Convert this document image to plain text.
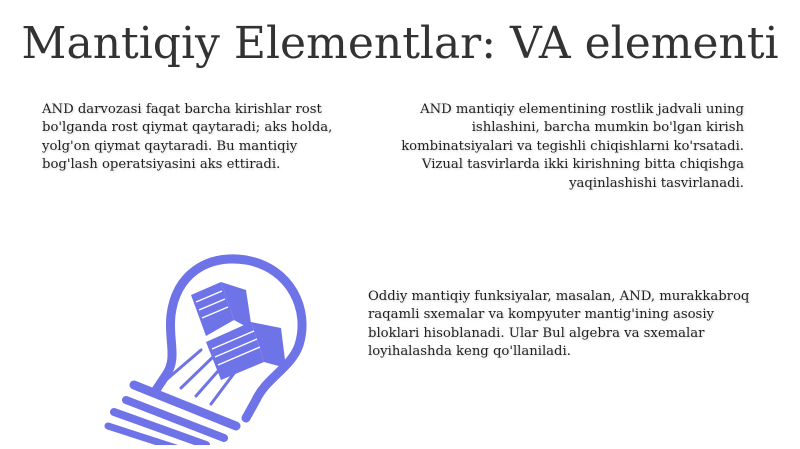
Mantiqiy Elementlar: VA elementi
AND darvozasi faqat barcha kirishlar rost bo'lganda rost qiymat qaytaradi; aks holda, yolg'on qiymat qaytaradi. Bu mantiqiy bog'lash operatsiyasini aks ettiradi.
AND mantiqiy elementining rostlik jadvali uning ishlashini, barcha mumkin bo'lgan kirish kombinatsiyalari va tegishli chiqishlarni ko'rsatadi. Vizual tasvirlarda ikki kirishning bitta chiqishga yaqinlashishi tasvirlanadi.
Oddiy mantiqiy funksiyalar, masalan, AND, murakkabroq raqamli sxemalar va kompyuter mantig'ining asosiy bloklari hisoblanadi. Ular Bul algebra va sxemalar loyihalashda keng qo'llaniladi.
